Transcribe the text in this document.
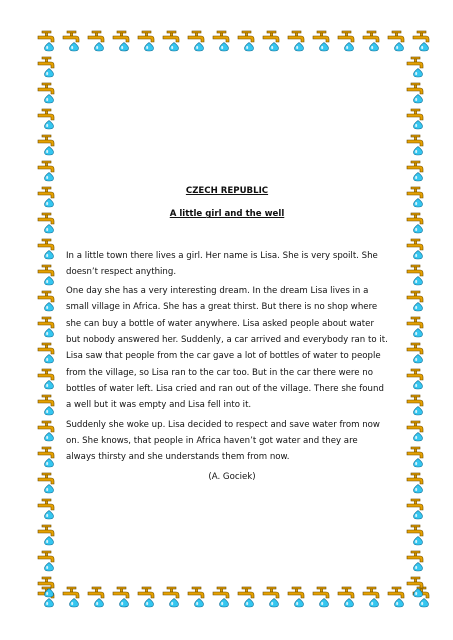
CZECH REPUBLIC

A little girl and the well

In a little town there lives a girl. Her name is Lisa. She is very spoilt. She doesn’t respect anything.

One day she has a very interesting dream. In the dream Lisa lives in a small village in Africa. She has a great thirst. But there is no shop where she can buy a bottle of water anywhere. Lisa asked people about water but nobody answered her. Suddenly, a car arrived and everybody ran to it. Lisa saw that people from the car gave a lot of bottles of water to people from the village, so Lisa ran to the car too. But in the car there were no bottles of water left. Lisa cried and ran out of the village. There she found a well but it was empty and Lisa fell into it.

Suddenly she woke up. Lisa decided to respect and save water from now on. She knows, that people in Africa haven’t got water and they are always thirsty and she understands them from now.

(A. Gociek)
